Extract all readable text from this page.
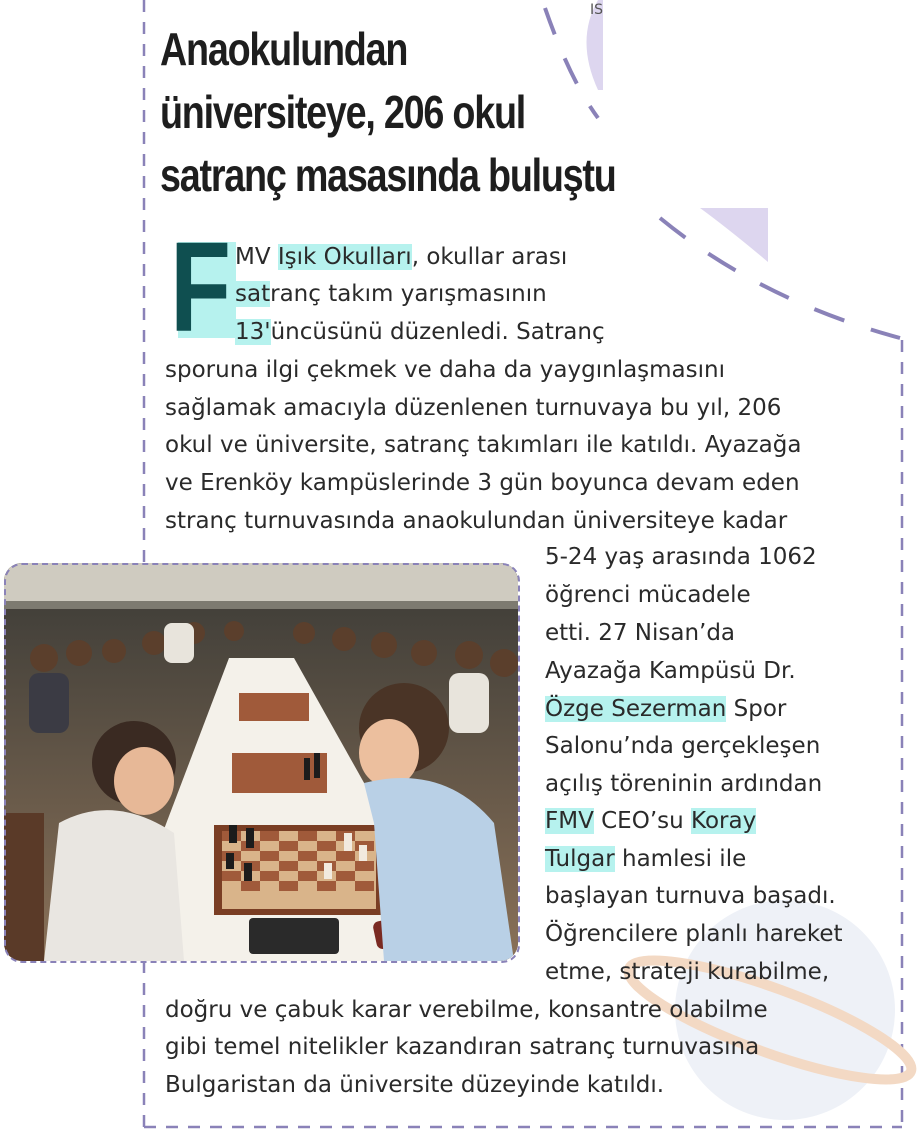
IS
Anaokulundan
üniversiteye, 206 okul
satranç masasında buluştu
F MV Işık Okulları, okullar arası
satranç takım yarışmasının
13'üncüsünü düzenledi. Satranç
sporuna ilgi çekmek ve daha da yaygınlaşmasını
sağlamak amacıyla düzenlenen turnuvaya bu yıl, 206
okul ve üniversite, satranç takımları ile katıldı. Ayazağa
ve Erenköy kampüslerinde 3 gün boyunca devam eden
stranç turnuvasında anaokulundan üniversiteye kadar
5-24 yaş arasında 1062
öğrenci mücadele
etti. 27 Nisan’da
Ayazağa Kampüsü Dr.
Özge Sezerman Spor
Salonu’nda gerçekleşen
açılış töreninin ardından
FMV CEO’su Koray
Tulgar hamlesi ile
başlayan turnuva başadı.
Öğrencilere planlı hareket
etme, strateji kurabilme,
doğru ve çabuk karar verebilme, konsantre olabilme
gibi temel nitelikler kazandıran satranç turnuvasına
Bulgaristan da üniversite düzeyinde katıldı.
